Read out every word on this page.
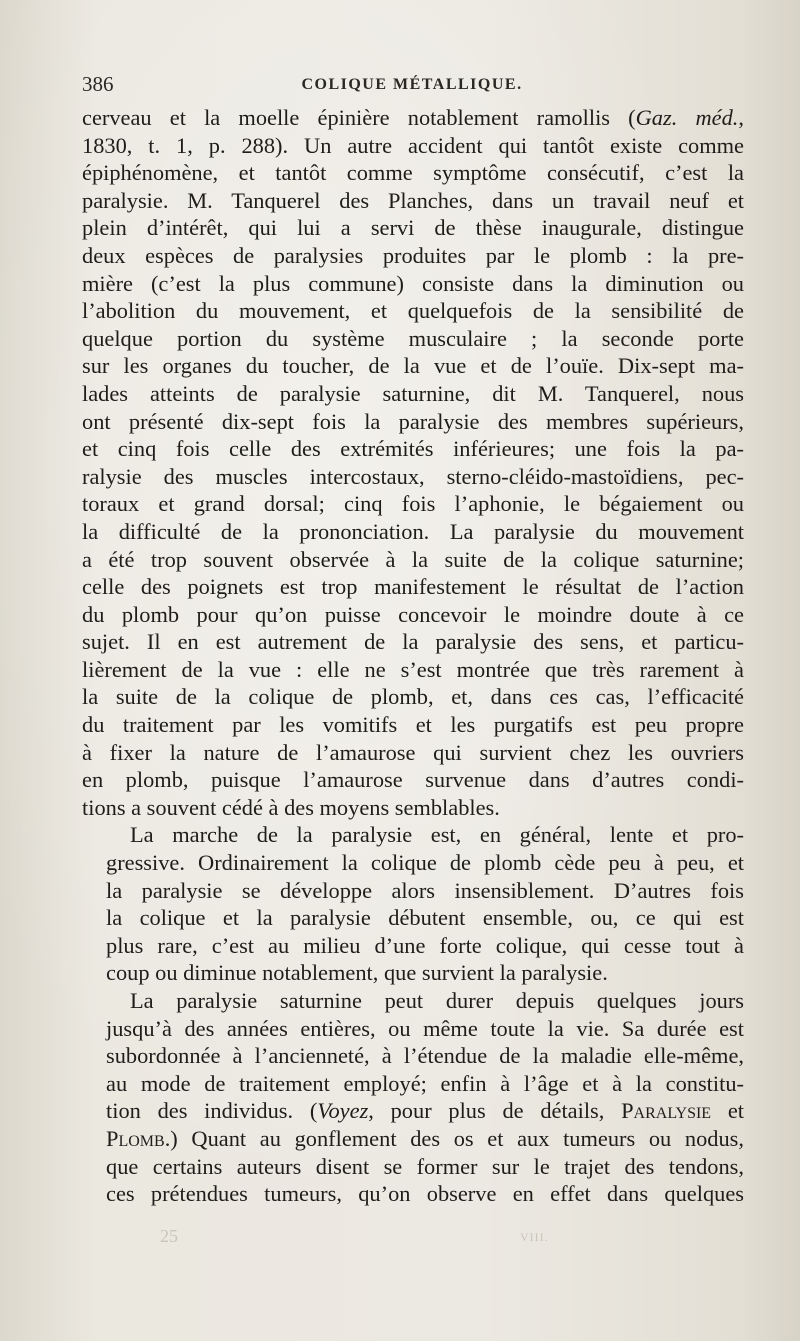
386	COLIQUE MÉTALLIQUE.
cerveau et la moelle épinière notablement ramollis (Gaz. méd.,
1830, t. 1, p. 288). Un autre accident qui tantôt existe comme
épiphénomène, et tantôt comme symptôme consécutif, c’est la
paralysie. M. Tanquerel des Planches, dans un travail neuf et
plein d’intérêt, qui lui a servi de thèse inaugurale, distingue
deux espèces de paralysies produites par le plomb : la pre-
mière (c’est la plus commune) consiste dans la diminution ou
l’abolition du mouvement, et quelquefois de la sensibilité de
quelque portion du système musculaire ; la seconde porte
sur les organes du toucher, de la vue et de l’ouïe. Dix-sept ma-
lades atteints de paralysie saturnine, dit M. Tanquerel, nous
ont présenté dix-sept fois la paralysie des membres supérieurs,
et cinq fois celle des extrémités inférieures; une fois la pa-
ralysie des muscles intercostaux, sterno-cléido-mastoïdiens, pec-
toraux et grand dorsal; cinq fois l’aphonie, le bégaiement ou
la difficulté de la prononciation. La paralysie du mouvement
a été trop souvent observée à la suite de la colique saturnine;
celle des poignets est trop manifestement le résultat de l’action
du plomb pour qu’on puisse concevoir le moindre doute à ce
sujet. Il en est autrement de la paralysie des sens, et particu-
lièrement de la vue : elle ne s’est montrée que très rarement à
la suite de la colique de plomb, et, dans ces cas, l’efficacité
du traitement par les vomitifs et les purgatifs est peu propre
à fixer la nature de l’amaurose qui survient chez les ouvriers
en plomb, puisque l’amaurose survenue dans d’autres condi-
tions a souvent cédé à des moyens semblables.
La marche de la paralysie est, en général, lente et pro-
gressive. Ordinairement la colique de plomb cède peu à peu, et
la paralysie se développe alors insensiblement. D’autres fois
la colique et la paralysie débutent ensemble, ou, ce qui est
plus rare, c’est au milieu d’une forte colique, qui cesse tout à
coup ou diminue notablement, que survient la paralysie.
La paralysie saturnine peut durer depuis quelques jours
jusqu’à des années entières, ou même toute la vie. Sa durée est
subordonnée à l’ancienneté, à l’étendue de la maladie elle-même,
au mode de traitement employé; enfin à l’âge et à la constitu-
tion des individus. (Voyez, pour plus de détails, Paralysie et
Plomb.) Quant au gonflement des os et aux tumeurs ou nodus,
que certains auteurs disent se former sur le trajet des tendons,
ces prétendues tumeurs, qu’on observe en effet dans quelques
25	VIII.
